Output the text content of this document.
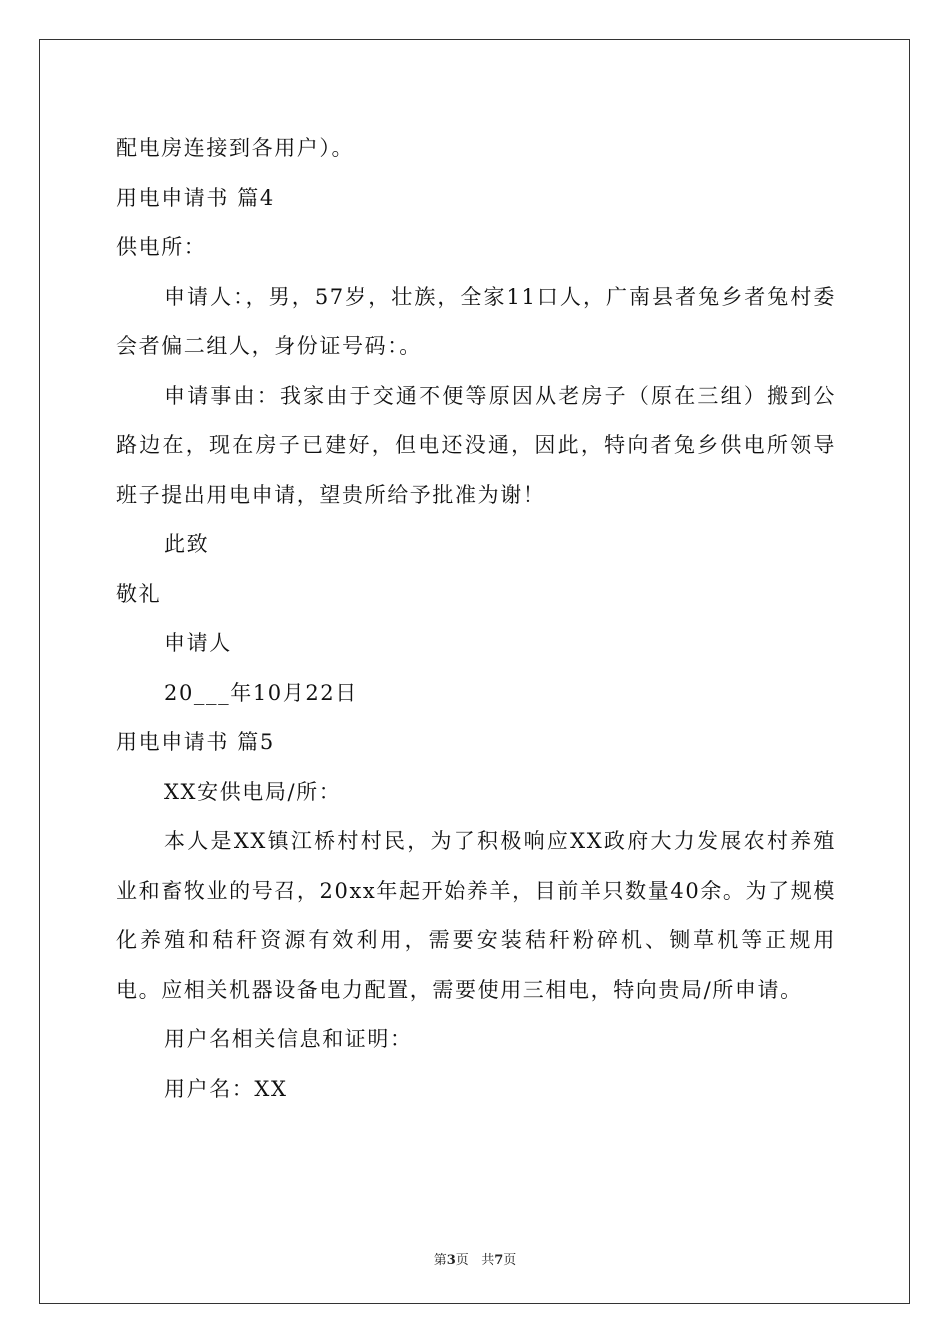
配电房连接到各用户）。
用电申请书 篇4
供电所：
申请人：，男，57岁，壮族，全家11口人，广南县者兔乡者兔村委会者偏二组人，身份证号码：。
申请事由：我家由于交通不便等原因从老房子（原在三组）搬到公路边在，现在房子已建好，但电还没通，因此，特向者兔乡供电所领导班子提出用电申请，望贵所给予批准为谢！
此致
敬礼
申请人
20___年10月22日
用电申请书 篇5
XX安供电局/所：
本人是XX镇江桥村村民，为了积极响应XX政府大力发展农村养殖业和畜牧业的号召，20xx年起开始养羊，目前羊只数量40余。为了规模化养殖和秸秆资源有效利用，需要安装秸秆粉碎机、铡草机等正规用电。应相关机器设备电力配置，需要使用三相电，特向贵局/所申请。
用户名相关信息和证明：
用户名：XX
第3页 共7页
